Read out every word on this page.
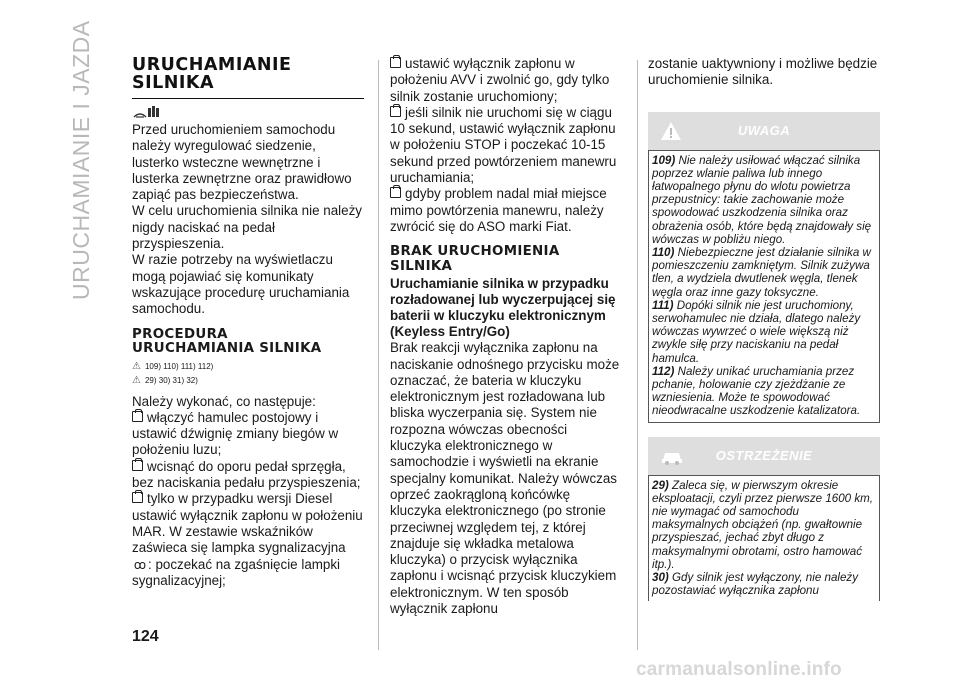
URUCHAMIANIE I JAZDA URUCHAMIANIE
SILNIKA

Przed uruchomieniem samochodu należy wyregulować siedzenie, lusterko wsteczne wewnętrzne i lusterka zewnętrzne oraz prawidłowo zapiąć pas bezpieczeństwa.

W celu uruchomienia silnika nie należy nigdy naciskać na pedał przyspieszenia.

W razie potrzeby na wyświetlaczu mogą pojawiać się komunikaty wskazujące procedurę uruchamiania samochodu.

PROCEDURA
URUCHAMIANIA SILNIKA
⚠ 109) 110) 111) 112)
⚠ 29) 30) 31) 32)

Należy wykonać, co następuje:

włączyć hamulec postojowy i ustawić dźwignię zmiany biegów w położeniu luzu;

wcisnąć do oporu pedał sprzęgła, bez naciskania pedału przyspieszenia;

tylko w przypadku wersji Diesel ustawić wyłącznik zapłonu w położeniu MAR. W zestawie wskaźników zaświeca się lampka sygnalizacyjna

ꝏ : poczekać na zgaśnięcie lampki sygnalizacyjnej;

ustawić wyłącznik zapłonu w położeniu AVV i zwolnić go, gdy tylko silnik zostanie uruchomiony;

jeśli silnik nie uruchomi się w ciągu 10 sekund, ustawić wyłącznik zapłonu w położeniu STOP i poczekać 10-15 sekund przed powtórzeniem manewru uruchamiania;

gdyby problem nadal miał miejsce mimo powtórzenia manewru, należy zwrócić się do ASO marki Fiat.

BRAK URUCHOMIENIA
SILNIKA

Uruchamianie silnika w przypadku rozładowanej lub wyczerpującej się baterii w kluczyku elektronicznym (Keyless Entry/Go)

Brak reakcji wyłącznika zapłonu na naciskanie odnośnego przycisku może oznaczać, że bateria w kluczyku elektronicznym jest rozładowana lub bliska wyczerpania się. System nie rozpozna wówczas obecności kluczyka elektronicznego w samochodzie i wyświetli na ekranie specjalny komunikat. Należy wówczas oprzeć zaokrągloną końcówkę kluczyka elektronicznego (po stronie przeciwnej względem tej, z której znajduje się wkładka metalowa kluczyka) o przycisk wyłącznika zapłonu i wcisnąć przycisk kluczykiem elektronicznym. W ten sposób wyłącznik zapłonu

zostanie uaktywniony i możliwe będzie uruchomienie silnika.

UWAGA

109) Nie należy usiłować włączać silnika poprzez wlanie paliwa lub innego łatwopalnego płynu do wlotu powietrza przepustnicy: takie zachowanie może spowodować uszkodzenia silnika oraz obrażenia osób, które będą znajdowały się wówczas w pobliżu niego.

110) Niebezpieczne jest działanie silnika w pomieszczeniu zamkniętym. Silnik zużywa tlen, a wydziela dwutlenek węgla, tlenek węgla oraz inne gazy toksyczne.

111) Dopóki silnik nie jest uruchomiony, serwohamulec nie działa, dlatego należy wówczas wywrzeć o wiele większą niż zwykle siłę przy naciskaniu na pedał hamulca.

112) Należy unikać uruchamiania przez pchanie, holowanie czy zjeżdżanie ze wzniesienia. Może te spowodować nieodwracalne uszkodzenie katalizatora.

OSTRZEŻENIE

29) Zaleca się, w pierwszym okresie eksploatacji, czyli przez pierwsze 1600 km, nie wymagać od samochodu maksymalnych obciążeń (np. gwałtownie przyspieszać, jechać zbyt długo z maksymalnymi obrotami, ostro hamować itp.).

30) Gdy silnik jest wyłączony, nie należy pozostawiać wyłącznika zapłonu

124
carmanualsonline.info
